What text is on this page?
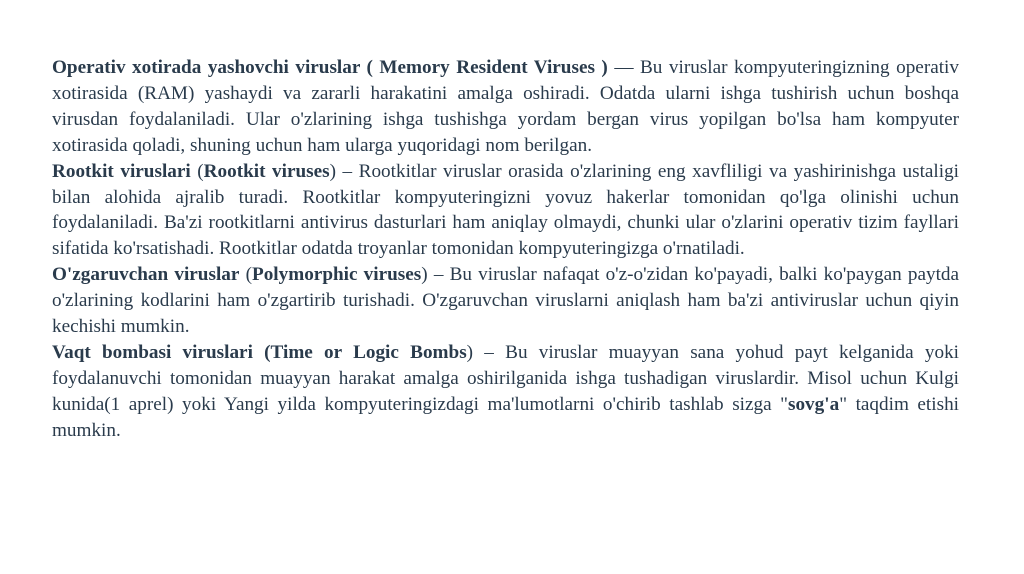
Operativ xotirada yashovchi viruslar ( Memory Resident Viruses ) — Bu viruslar kompyuteringizning operativ xotirasida (RAM) yashaydi va zararli harakatini amalga oshiradi. Odatda ularni ishga tushirish uchun boshqa virusdan foydalaniladi. Ular o'zlarining ishga tushishga yordam bergan virus yopilgan bo'lsa ham kompyuter xotirasida qoladi, shuning uchun ham ularga yuqoridagi nom berilgan.

Rootkit viruslari (Rootkit viruses) – Rootkitlar viruslar orasida o'zlarining eng xavfliligi va yashirinishga ustaligi bilan alohida ajralib turadi. Rootkitlar kompyuteringizni yovuz hakerlar tomonidan qo'lga olinishi uchun foydalaniladi. Ba'zi rootkitlarni antivirus dasturlari ham aniqlay olmaydi, chunki ular o'zlarini operativ tizim fayllari sifatida ko'rsatishadi. Rootkitlar odatda troyanlar tomonidan kompyuteringizga o'rnatiladi.

O'zgaruvchan viruslar (Polymorphic viruses) – Bu viruslar nafaqat o'z-o'zidan ko'payadi, balki ko'paygan paytda o'zlarining kodlarini ham o'zgartirib turishadi. O'zgaruvchan viruslarni aniqlash ham ba'zi antiviruslar uchun qiyin kechishi mumkin.

Vaqt bombasi viruslari (Time or Logic Bombs) – Bu viruslar muayyan sana yohud payt kelganida yoki foydalanuvchi tomonidan muayyan harakat amalga oshirilganida ishga tushadigan viruslardir. Misol uchun Kulgi kunida(1 aprel) yoki Yangi yilda kompyuteringizdagi ma'lumotlarni o'chirib tashlab sizga "sovg'a" taqdim etishi mumkin.
